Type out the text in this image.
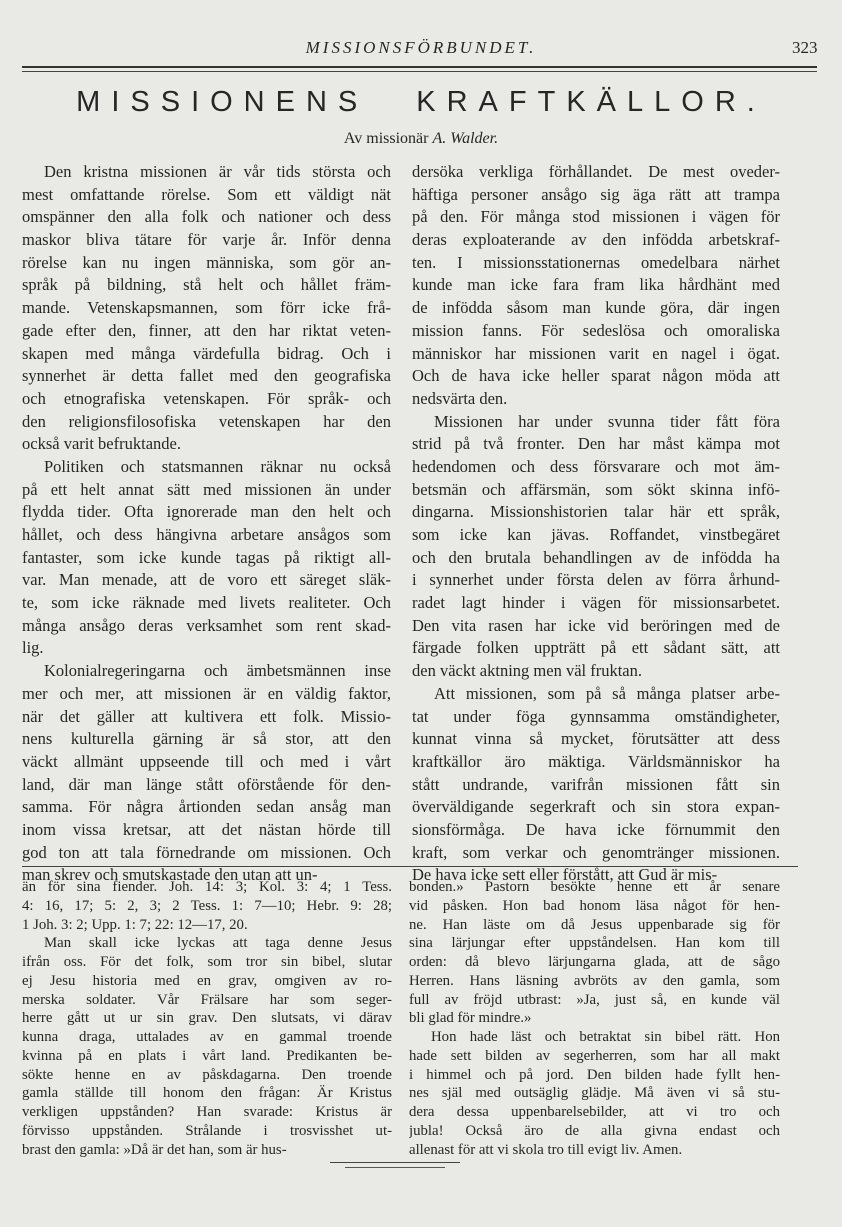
MISSIONSFÖRBUNDET.	323
MISSIONENS KRAFTKÄLLOR.
Av missionär A. Walder.
Den kristna missionen är vår tids största och
mest omfattande rörelse. Som ett väldigt nät
omspänner den alla folk och nationer och dess
maskor bliva tätare för varje år. Inför denna
rörelse kan nu ingen människa, som gör an-
språk på bildning, stå helt och hållet främ-
mande. Vetenskapsmannen, som förr icke frå-
gade efter den, finner, att den har riktat veten-
skapen med många värdefulla bidrag. Och i
synnerhet är detta fallet med den geografiska
och etnografiska vetenskapen. För språk- och
den religionsfilosofiska vetenskapen har den
också varit befruktande.
Politiken och statsmannen räknar nu också
på ett helt annat sätt med missionen än under
flydda tider. Ofta ignorerade man den helt och
hållet, och dess hängivna arbetare ansågos som
fantaster, som icke kunde tagas på riktigt all-
var. Man menade, att de voro ett säreget släk-
te, som icke räknade med livets realiteter. Och
många ansågo deras verksamhet som rent skad-
lig.
Kolonialregeringarna och ämbetsmännen inse
mer och mer, att missionen är en väldig faktor,
när det gäller att kultivera ett folk. Missio-
nens kulturella gärning är så stor, att den
väckt allmänt uppseende till och med i vårt
land, där man länge stått oförstående för den-
samma. För några årtionden sedan ansåg man
inom vissa kretsar, att det nästan hörde till
god ton att tala förnedrande om missionen. Och
man skrev och smutskastade den utan att un-
dersöka verkliga förhållandet. De mest oveder-
häftiga personer ansågo sig äga rätt att trampa
på den. För många stod missionen i vägen för
deras exploaterande av den infödda arbetskraf-
ten. I missionsstationernas omedelbara närhet
kunde man icke fara fram lika hårdhänt med
de infödda såsom man kunde göra, där ingen
mission fanns. För sedeslösa och omoraliska
människor har missionen varit en nagel i ögat.
Och de hava icke heller sparat någon möda att
nedsvärta den.
Missionen har under svunna tider fått föra
strid på två fronter. Den har måst kämpa mot
hedendomen och dess försvarare och mot äm-
betsmän och affärsmän, som sökt skinna infö-
dingarna. Missionshistorien talar här ett språk,
som icke kan jävas. Roffandet, vinstbegäret
och den brutala behandlingen av de infödda ha
i synnerhet under första delen av förra århund-
radet lagt hinder i vägen för missionsarbetet.
Den vita rasen har icke vid beröringen med de
färgade folken uppträtt på ett sådant sätt, att
den väckt aktning men väl fruktan.
Att missionen, som på så många platser arbe-
tat under föga gynnsamma omständigheter,
kunnat vinna så mycket, förutsätter att dess
kraftkällor äro mäktiga. Världsmänniskor ha
stått undrande, varifrån missionen fått sin
överväldigande segerkraft och sin stora expan-
sionsförmåga. De hava icke förnummit den
kraft, som verkar och genomtränger missionen.
De hava icke sett eller förstått, att Gud är mis-
än för sina fiender. Joh. 14: 3; Kol. 3: 4; 1 Tess.
4: 16, 17; 5: 2, 3; 2 Tess. 1: 7—10; Hebr. 9: 28;
1 Joh. 3: 2; Upp. 1: 7; 22: 12—17, 20.
Man skall icke lyckas att taga denne Jesus
ifrån oss. För det folk, som tror sin bibel, slutar
ej Jesu historia med en grav, omgiven av ro-
merska soldater. Vår Frälsare har som seger-
herre gått ut ur sin grav. Den slutsats, vi därav
kunna draga, uttalades av en gammal troende
kvinna på en plats i vårt land. Predikanten be-
sökte henne en av påskdagarna. Den troende
gamla ställde till honom den frågan: Är Kristus
verkligen uppstånden? Han svarade: Kristus är
förvisso uppstånden. Strålande i trosvisshet ut-
brast den gamla: »Då är det han, som är hus-
bonden.» Pastorn besökte henne ett år senare
vid påsken. Hon bad honom läsa något för hen-
ne. Han läste om då Jesus uppenbarade sig för
sina lärjungar efter uppståndelsen. Han kom till
orden: då blevo lärjungarna glada, att de sågo
Herren. Hans läsning avbröts av den gamla, som
full av fröjd utbrast: »Ja, just så, en kunde väl
bli glad för mindre.»
Hon hade läst och betraktat sin bibel rätt. Hon
hade sett bilden av segerherren, som har all makt
i himmel och på jord. Den bilden hade fyllt hen-
nes själ med outsäglig glädje. Må även vi så stu-
dera dessa uppenbarelsebilder, att vi tro och
jubla! Också äro de alla givna endast och
allenast för att vi skola tro till evigt liv. Amen.
